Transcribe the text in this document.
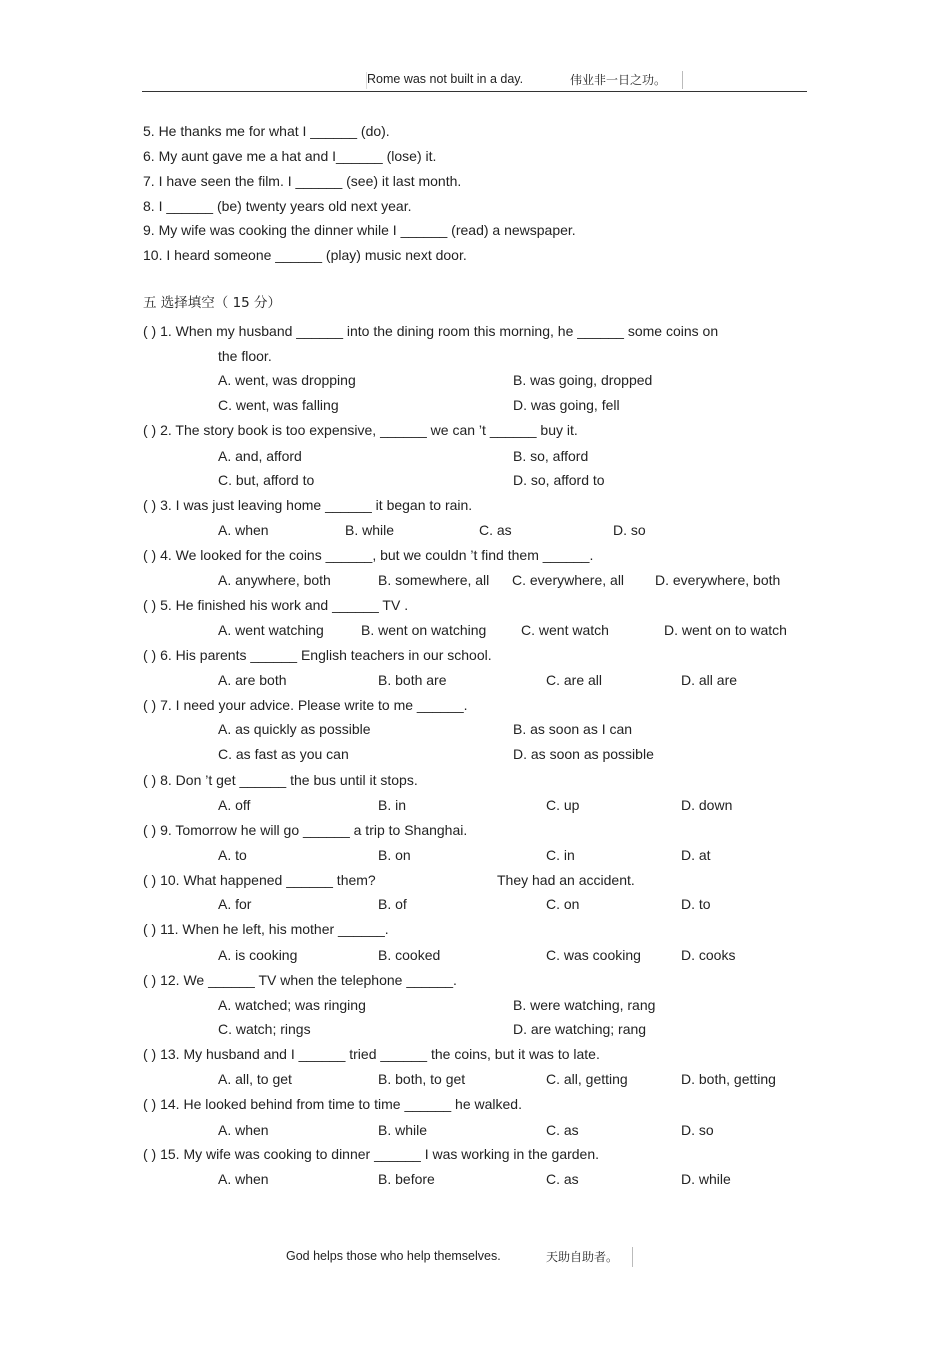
Rome was not built in a day.	伟业非一日之功。
5. He thanks me for what I ______ (do).
6. My aunt gave me a hat and I______ (lose) it.
7. I have seen the film. I ______ (see) it last month.
8. I ______ (be) twenty years old next year.
9. My wife was cooking the dinner while I ______ (read) a newspaper.
10. I heard someone ______ (play) music next door.
五 选择填空（ 15 分）
( ) 1. When my husband ______ into the dining room this morning, he ______ some coins on
the floor.
A. went, was dropping	B. was going, dropped
C. went, was falling	D. was going, fell
( ) 2. The story book is too expensive, ______ we can ’t ______ buy it.
A. and, afford	B. so, afford
C. but, afford to	D. so, afford to
( ) 3. I was just leaving home ______ it began to rain.
A. when	B. while	C. as	D. so
( ) 4. We looked for the coins ______, but we couldn ’t find them ______.
A. anywhere, both	B. somewhere, all C. everywhere, all D. everywhere, both
( ) 5. He finished his work and ______ TV .
A. went watching	B. went on watching C. went watch	D. went on to watch
( ) 6. His parents ______ English teachers in our school.
A. are both	B. both are	C. are all	D. all are
( ) 7. I need your advice. Please write to me ______.
A. as quickly as possible	B. as soon as I can
C. as fast as you can	D. as soon as possible
( ) 8. Don ’t get ______ the bus until it stops.
A. off	B. in	C. up	D. down
( ) 9. Tomorrow he will go ______ a trip to Shanghai.
A. to	B. on	C. in	D. at
( ) 10. What happened ______ them?	They had an accident.
A. for	B. of	C. on	D. to
( ) 11. When he left, his mother ______.
A. is cooking	B. cooked	C. was cooking	D. cooks
( ) 12. We ______ TV when the telephone ______.
A. watched; was ringing	B. were watching, rang
C. watch; rings	D. are watching; rang
( ) 13. My husband and I ______ tried ______ the coins, but it was to late.
A. all, to get	B. both, to get	C. all, getting	D. both, getting
( ) 14. He looked behind from time to time ______ he walked.
A. when	B. while	C. as	D. so
( ) 15. My wife was cooking to dinner ______ I was working in the garden.
A. when	B. before	C. as	D. while
God helps those who help themselves.	天助自助者。
